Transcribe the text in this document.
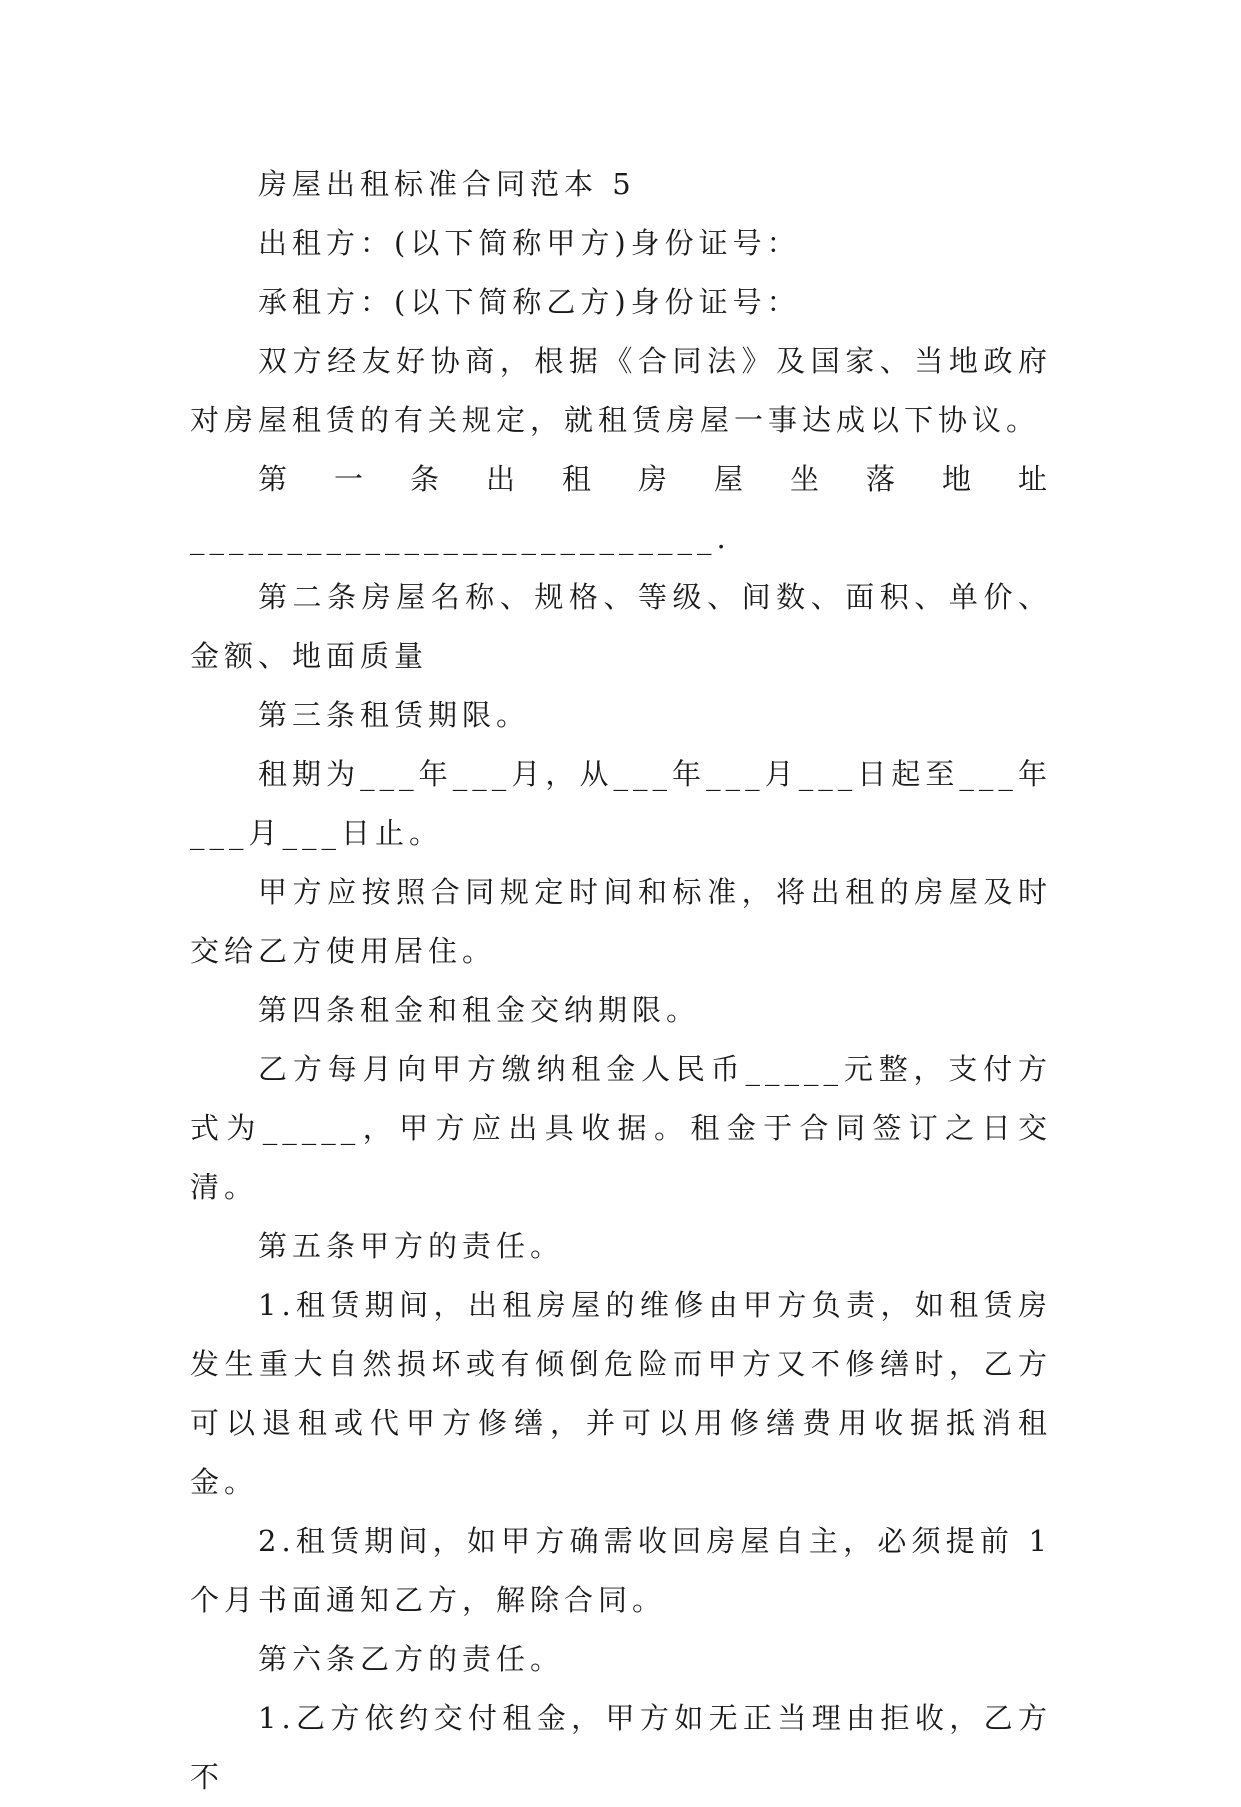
房屋出租标准合同范本 5

出租方：(以下简称甲方)身份证号：

承租方：(以下简称乙方)身份证号：

双方经友好协商，根据《合同法》及国家、当地政府对房屋租赁的有关规定，就租赁房屋一事达成以下协议。

第一条出租房屋坐落地址___________________________.

第二条房屋名称、规格、等级、间数、面积、单价、金额、地面质量

第三条租赁期限。

租期为___年___月，从___年___月___日起至___年___月___日止。

甲方应按照合同规定时间和标准，将出租的房屋及时交给乙方使用居住。

第四条租金和租金交纳期限。

乙方每月向甲方缴纳租金人民币_____元整，支付方式为_____，甲方应出具收据。租金于合同签订之日交清。

第五条甲方的责任。

1.租赁期间，出租房屋的维修由甲方负责，如租赁房发生重大自然损坏或有倾倒危险而甲方又不修缮时，乙方可以退租或代甲方修缮，并可以用修缮费用收据抵消租金。

2.租赁期间，如甲方确需收回房屋自主，必须提前 1 个月书面通知乙方，解除合同。

第六条乙方的责任。

1.乙方依约交付租金，甲方如无正当理由拒收，乙方不
